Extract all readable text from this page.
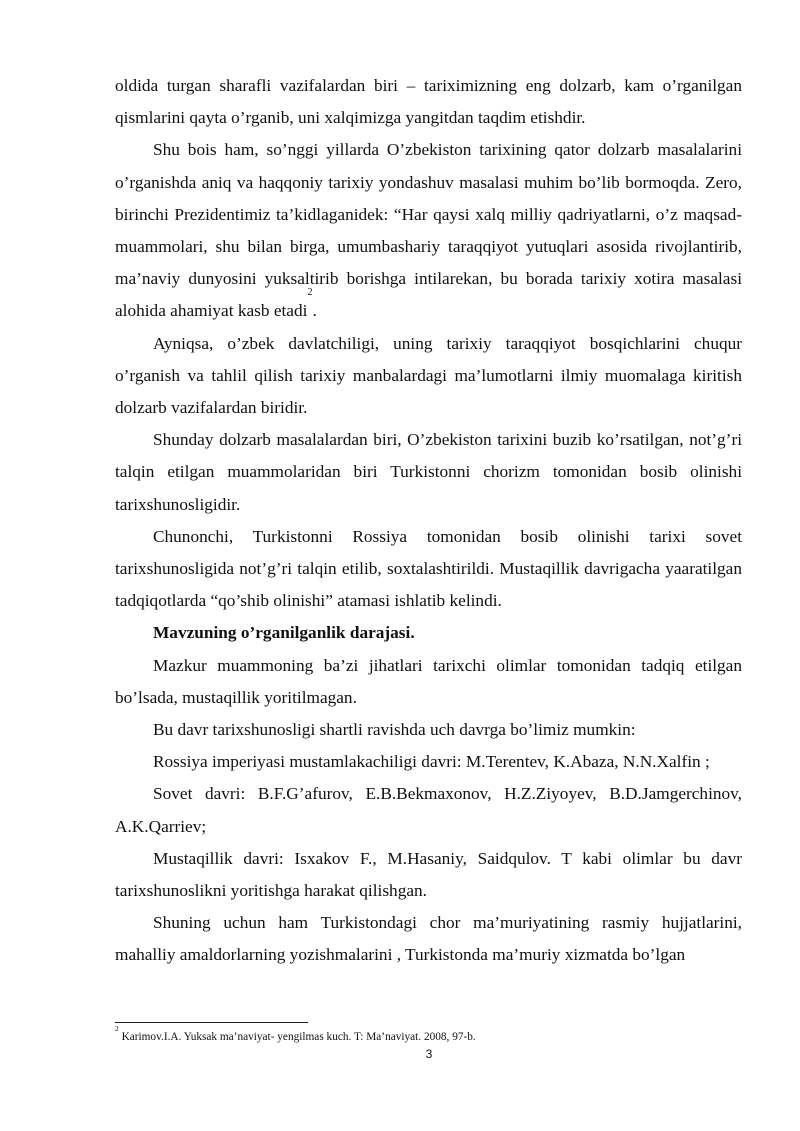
oldida turgan sharafli vazifalardan biri – tariximizning eng dolzarb, kam o’rganilgan qismlarini qayta o’rganib, uni xalqimizga yangitdan taqdim etishdir.

Shu bois ham, so’nggi yillarda O’zbekiston tarixining qator dolzarb masalalarini o’rganishda aniq va haqqoniy tarixiy yondashuv masalasi muhim bo’lib bormoqda. Zero, birinchi Prezidentimiz ta’kidlaganidek: “Har qaysi xalq milliy qadriyatlarni, o’z maqsad-muammolari, shu bilan birga, umumbashariy taraqqiyot yutuqlari asosida rivojlantirib, ma’naviy dunyosini yuksaltirib borishga intilarekan, bu borada tarixiy xotira masalasi alohida ahamiyat kasb etadi$^2$.

Ayniqsa, o’zbek davlatchiligi, uning tarixiy taraqqiyot bosqichlarini chuqur o’rganish va tahlil qilish tarixiy manbalardagi ma’lumotlarni ilmiy muomalaga kiritish dolzarb vazifalardan biridir.

Shunday dolzarb masalalardan biri, O’zbekiston tarixini buzib ko’rsatilgan, not’g’ri talqin etilgan muammolaridan biri Turkistonni chorizm tomonidan bosib olinishi tarixshunosligidir.

Chunonchi, Turkistonni Rossiya tomonidan bosib olinishi tarixi sovet tarixshunosligida not’g’ri talqin etilib, soxtalashtirildi. Mustaqillik davrigacha yaaratilgan tadqiqotlarda “qo’shib olinishi” atamasi ishlatib kelindi.

Mavzuning o’rganilganlik darajasi.

Mazkur muammoning ba’zi jihatlari tarixchi olimlar tomonidan tadqiq etilgan bo’lsada, mustaqillik yoritilmagan.

Bu davr tarixshunosligi shartli ravishda uch davrga bo’limiz mumkin:

Rossiya imperiyasi mustamlakachiligi davri: M.Terentev, K.Abaza, N.N.Xalfin ;

Sovet davri: B.F.G’afurov, E.B.Bekmaxonov, H.Z.Ziyoyev, B.D.Jamgerchinov, A.K.Qarriev;

Mustaqillik davri: Isxakov F., M.Hasaniy, Saidqulov. T kabi olimlar bu davr tarixshunoslikni yoritishga harakat qilishgan.

Shuning uchun ham Turkistondagi chor ma’muriyatining rasmiy hujjatlarini, mahalliy amaldorlarning yozishmalarini , Turkistonda ma’muriy xizmatda bo’lgan

$^2$ Karimov.I.A. Yuksak ma’naviyat- yengilmas kuch. T: Ma’naviyat. 2008, 97-b.
3
